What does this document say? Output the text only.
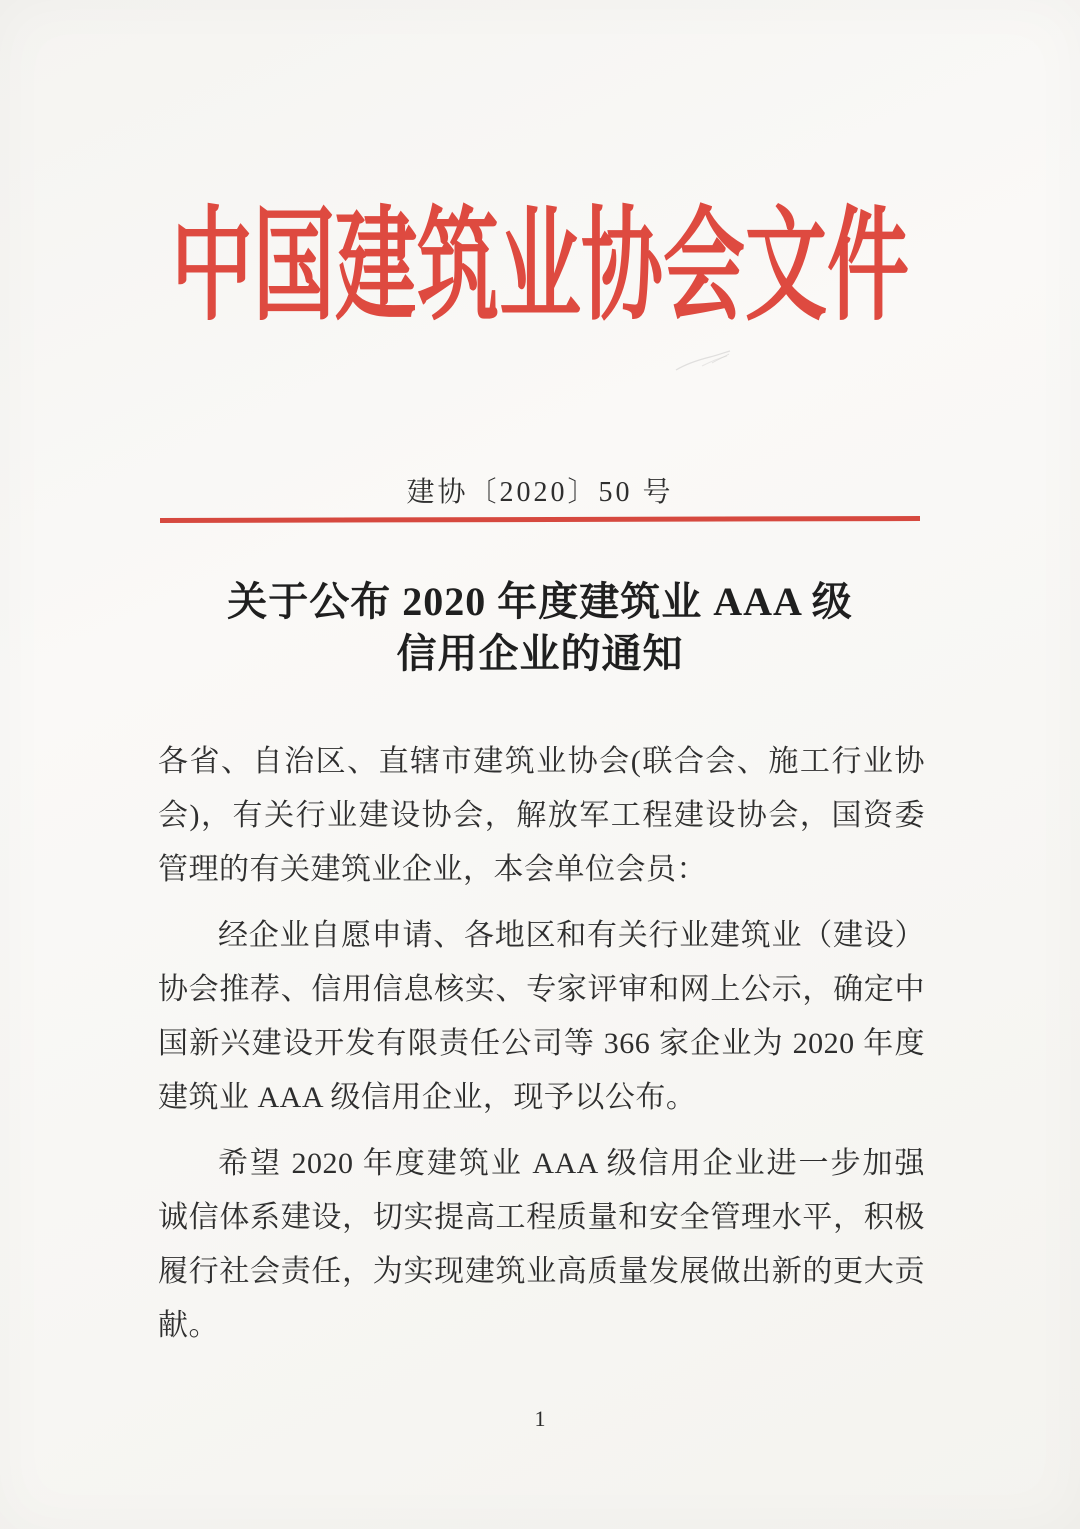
中国建筑业协会文件
建协〔2020〕50 号
关于公布 2020 年度建筑业 AAA 级
信用企业的通知

各省、自治区、直辖市建筑业协会(联合会、施工行业协会)，有关行业建设协会，解放军工程建设协会，国资委管理的有关建筑业企业，本会单位会员：

经企业自愿申请、各地区和有关行业建筑业（建设）协会推荐、信用信息核实、专家评审和网上公示，确定中国新兴建设开发有限责任公司等 366 家企业为 2020 年度建筑业 AAA 级信用企业，现予以公布。

希望 2020 年度建筑业 AAA 级信用企业进一步加强诚信体系建设，切实提高工程质量和安全管理水平，积极履行社会责任，为实现建筑业高质量发展做出新的更大贡献。

1
